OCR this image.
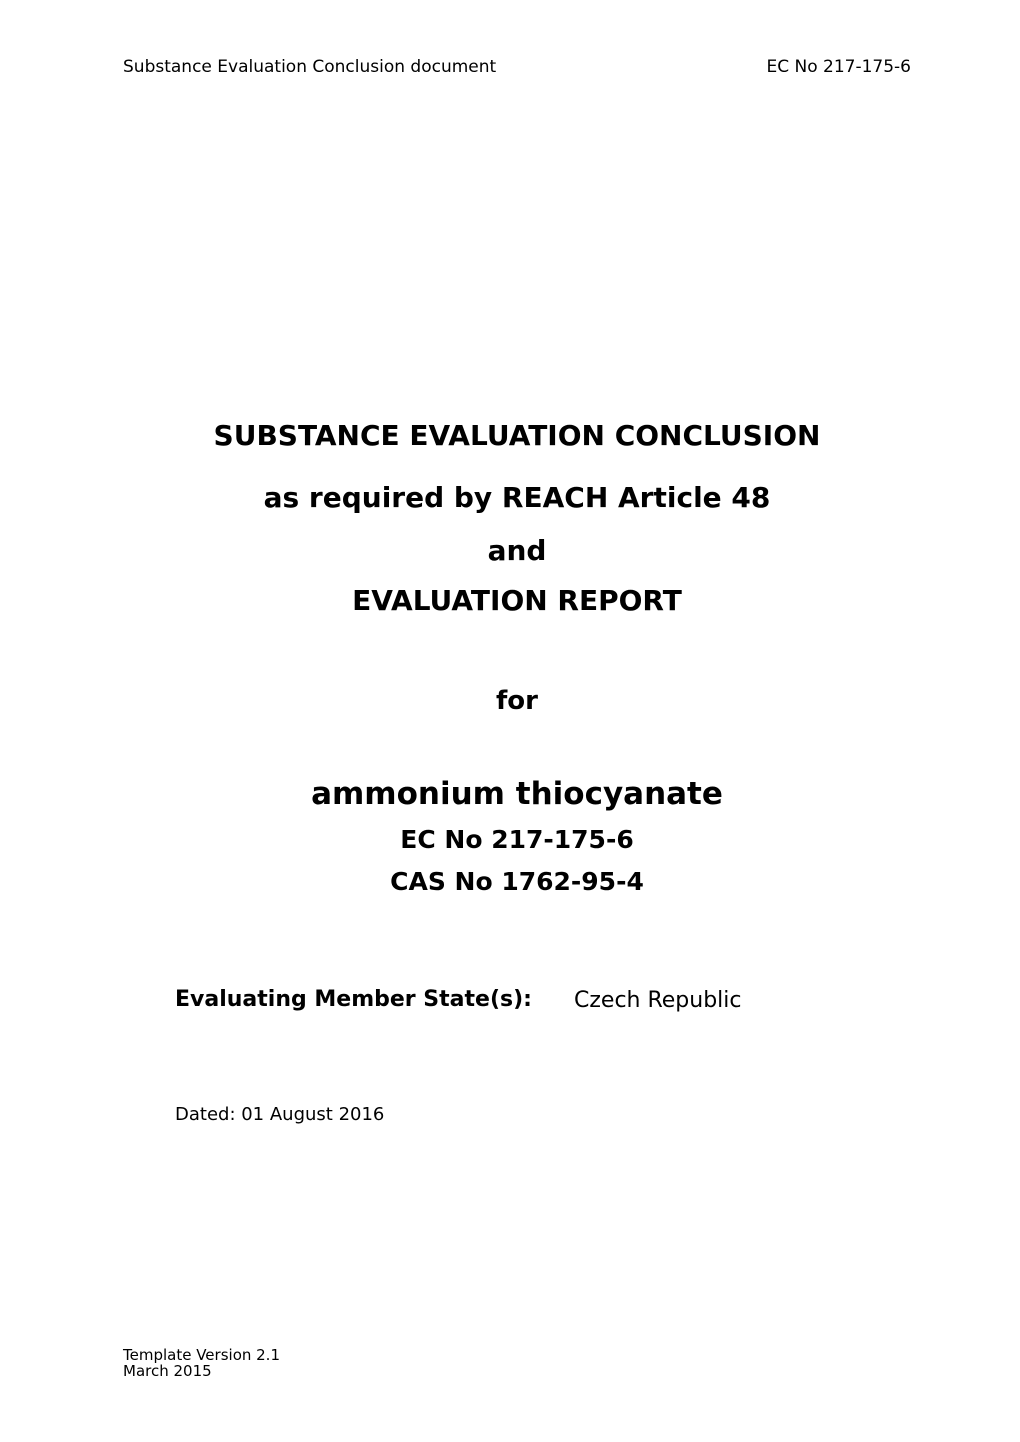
Substance Evaluation Conclusion document	EC No 217-175-6
SUBSTANCE EVALUATION CONCLUSION
as required by REACH Article 48
and
EVALUATION REPORT
for
ammonium thiocyanate
EC No 217-175-6
CAS No 1762-95-4
Evaluating Member State(s): Czech Republic
Dated: 01 August 2016
Template Version 2.1
March 2015
